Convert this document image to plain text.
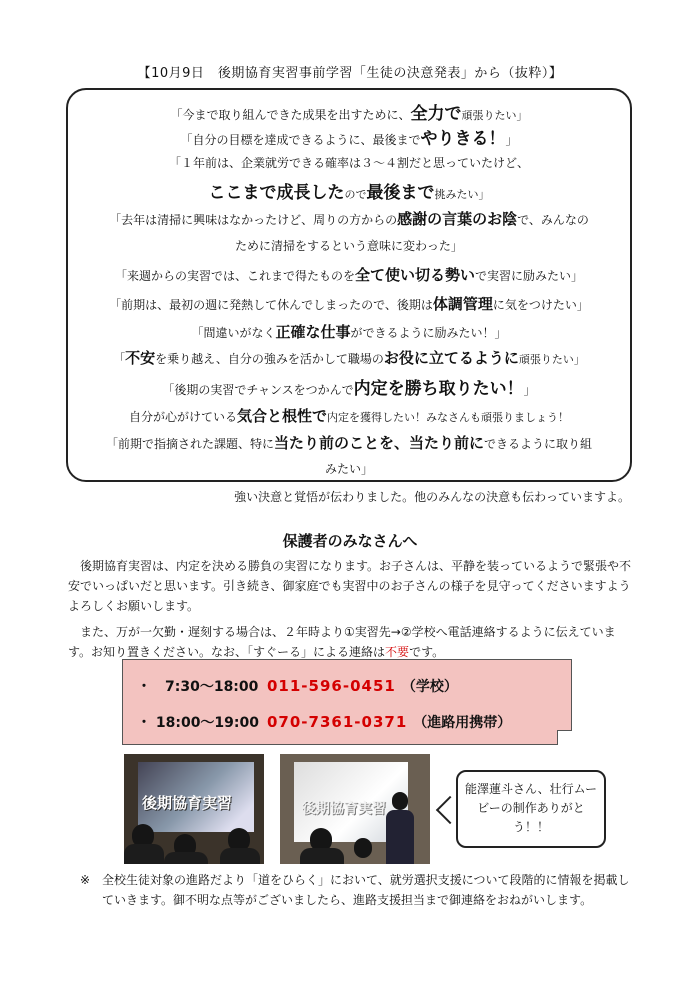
【10月9日　後期協育実習事前学習「生徒の決意発表」から（抜粋）】
「今まで取り組んできた成果を出すために、全力で頑張りたい」
「自分の目標を達成できるように、最後までやりきる！」
「１年前は、企業就労できる確率は３〜４割だと思っていたけど、
ここまで成長したので最後まで挑みたい」
「去年は清掃に興味はなかったけど、周りの方からの感謝の言葉のお陰で、みんなの
ために清掃をするという意味に変わった」
「来週からの実習では、これまで得たものを全て使い切る勢いで実習に励みたい」
「前期は、最初の週に発熱して休んでしまったので、後期は体調管理に気をつけたい」
「間違いがなく正確な仕事ができるように励みたい！」
「不安を乗り越え、自分の強みを活かして職場のお役に立てるように頑張りたい」
「後期の実習でチャンスをつかんで内定を勝ち取りたい！」
自分が心がけている気合と根性で内定を獲得したい！みなさんも頑張りましょう！
「前期で指摘された課題、特に当たり前のことを、当たり前にできるように取り組
みたい」
強い決意と覚悟が伝わりました。他のみんなの決意も伝わっていますよ。
保護者のみなさんへ
　後期協育実習は、内定を決める勝負の実習になります。お子さんは、平静を装っているようで緊張や不安でいっぱいだと思います。引き続き、御家庭でも実習中のお子さんの様子を見守ってくださいますようよろしくお願いします。
　また、万が一欠勤・遅刻する場合は、２年時より①実習先→②学校へ電話連絡するように伝えています。お知り置きください。なお、「すぐーる」による連絡は不要です。
・　7:30〜18:00 011-596-0451 （学校）
・ 18:00〜19:00 070-7361-0371 （進路用携帯）
後期協育実習	後期協育実習
能澤蓮斗さん、壮行ムービーの制作ありがとう！！
※ 全校生徒対象の進路だより「道をひらく」において、就労選択支援について段階的に情報を掲載していきます。御不明な点等がございましたら、進路支援担当まで御連絡をおねがいします。
